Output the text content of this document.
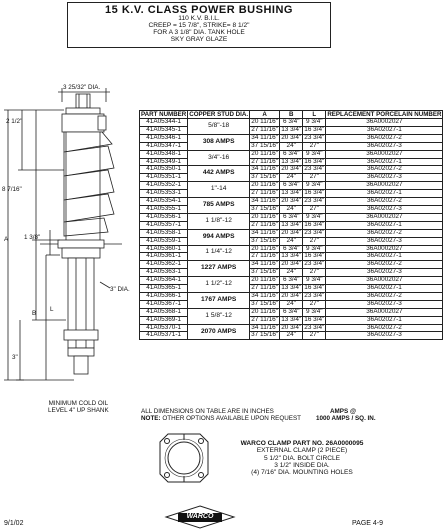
15 K.V. CLASS POWER BUSHING
110 K.V. B.I.L.
CREEP = 15 7/8", STRIKE= 8 1/2"
FOR A 3 1/8" DIA. TANK HOLE
SKY GRAY GLAZE
3 25/32" DIA.
2 1/2"
8 7/16"
1 3/8"
A
3" DIA.
B
L
3"
MINIMUM COLD OIL
LEVEL 4" UP SHANK
PART NUMBER	COPPER STUD DIA.	A	B	L	REPLACEMENT PORCELAIN NUMBER
41A05344-1	5/8"-18	20 11/16"	6 3/4"	9 3/4"	36A0002027
41A05345-1		27 11/16"	13 3/4"	16 3/4"	36A02027-1
41A05346-1	308 AMPS	34 11/16"	20 3/4"	23 3/4"	36A02027-2
41A05347-1		37 15/16"	24"	27"	36A02027-3
41A05348-1	3/4"-16	20 11/16"	6 3/4"	9 3/4"	36A0002027
41A05349-1		27 11/16"	13 3/4"	16 3/4"	36A02027-1
41A05350-1	442 AMPS	34 11/16"	20 3/4"	23 3/4"	36A02027-2
41A05351-1		37 15/16"	24"	27"	36A02027-3
41A05352-1	1"-14	20 11/16"	6 3/4"	9 3/4"	36A0002027
41A05353-1		27 11/16"	13 3/4"	16 3/4"	36A02027-1
41A05354-1	785 AMPS	34 11/16"	20 3/4"	23 3/4"	36A02027-2
41A05355-1		37 15/16"	24"	27"	36A02027-3
41A05356-1	1 1/8"-12	20 11/16"	6 3/4"	9 3/4"	36A0002027
41A05357-1		27 11/16"	13 3/4"	16 3/4"	36A02027-1
41A05358-1	994 AMPS	34 11/16"	20 3/4"	23 3/4"	36A02027-2
41A05359-1		37 15/16"	24"	27"	36A02027-3
41A05360-1	1 1/4"-12	20 11/16"	6 3/4"	9 3/4"	36A0002027
41A05361-1		27 11/16"	13 3/4"	16 3/4"	36A02027-1
41A05362-1	1227 AMPS	34 11/16"	20 3/4"	23 3/4"	36A02027-2
41A05363-1		37 15/16"	24"	27"	36A02027-3
41A05364-1	1 1/2"-12	20 11/16"	6 3/4"	9 3/4"	36A0002027
41A05365-1		27 11/16"	13 3/4"	16 3/4"	36A02027-1
41A05366-1	1767 AMPS	34 11/16"	20 3/4"	23 3/4"	36A02027-2
41A05367-1		37 15/16"	24"	27"	36A02027-3
41A05368-1	1 5/8"-12	20 11/16"	6 3/4"	9 3/4"	36A0002027
41A05369-1		27 11/16"	13 3/4"	16 3/4"	36A02027-1
41A05370-1	2070 AMPS	34 11/16"	20 3/4"	23 3/4"	36A02027-2
41A05371-1		37 15/16"	24"	27"	36A02027-3
ALL DIMENSIONS ON TABLE ARE IN INCHES
NOTE: OTHER OPTIONS AVAILABLE UPON REQUEST
AMPS @
1000 AMPS / SQ. IN.
WARCO CLAMP PART NO. 26A0000095
EXTERNAL CLAMP (2 PIECE)
5 1/2" DIA. BOLT CIRCLE
3 1/2" INSIDE DIA.
(4) 7/16" DIA. MOUNTING HOLES
9/1/02
WARCO
PAGE 4-9
